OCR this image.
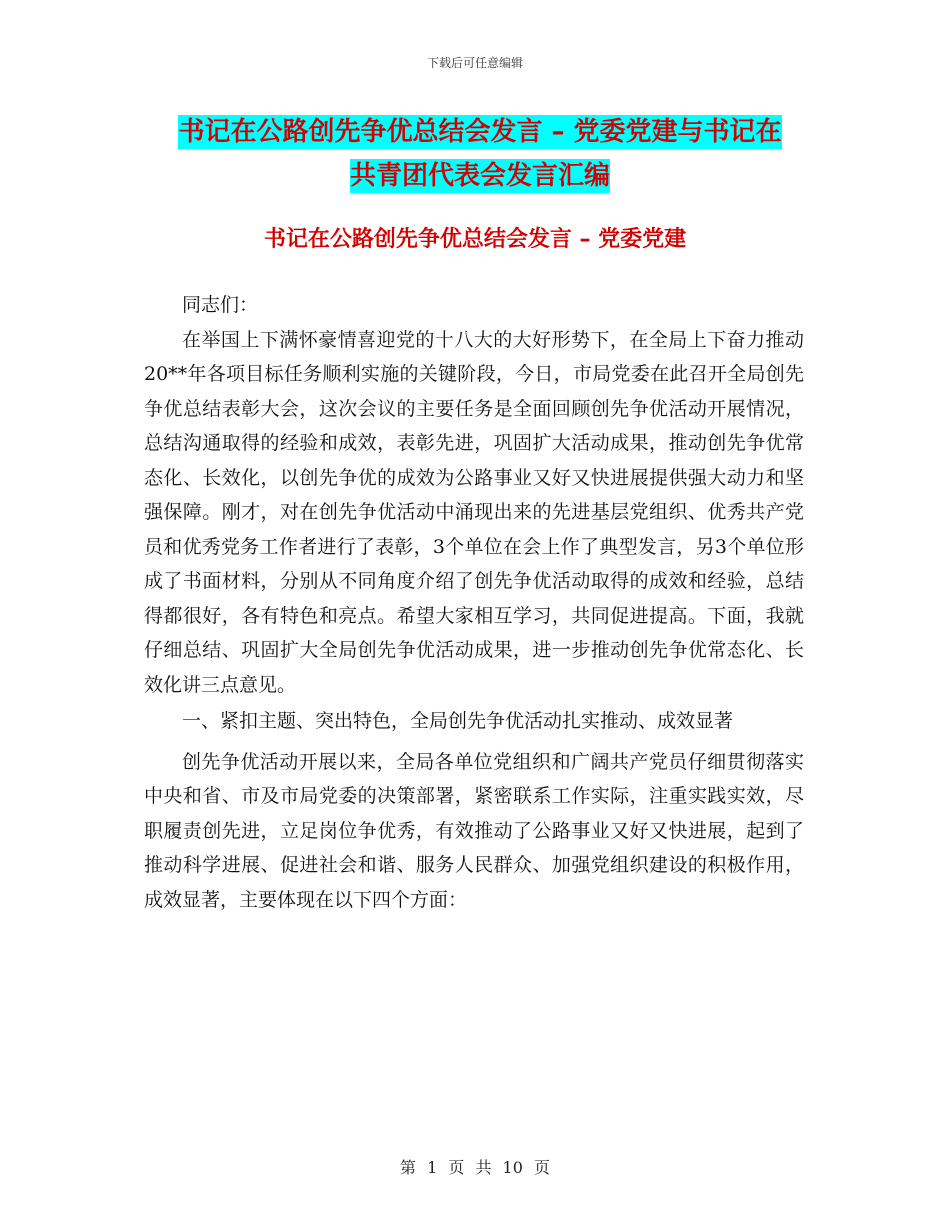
下载后可任意编辑
书记在公路创先争优总结会发言 – 党委党建与书记在
共青团代表会发言汇编
书记在公路创先争优总结会发言 – 党委党建

同志们：

在举国上下满怀豪情喜迎党的十八大的大好形势下，在全局上下奋力推动20**年各项目标任务顺利实施的关键阶段，今日，市局党委在此召开全局创先争优总结表彰大会，这次会议的主要任务是全面回顾创先争优活动开展情况，总结沟通取得的经验和成效，表彰先进，巩固扩大活动成果，推动创先争优常态化、长效化，以创先争优的成效为公路事业又好又快进展提供强大动力和坚强保障。刚才，对在创先争优活动中涌现出来的先进基层党组织、优秀共产党员和优秀党务工作者进行了表彰，3个单位在会上作了典型发言，另3个单位形成了书面材料，分别从不同角度介绍了创先争优活动取得的成效和经验，总结得都很好，各有特色和亮点。希望大家相互学习，共同促进提高。下面，我就仔细总结、巩固扩大全局创先争优活动成果，进一步推动创先争优常态化、长效化讲三点意见。

一、紧扣主题、突出特色，全局创先争优活动扎实推动、成效显著

创先争优活动开展以来，全局各单位党组织和广阔共产党员仔细贯彻落实中央和省、市及市局党委的决策部署，紧密联系工作实际，注重实践实效，尽职履责创先进，立足岗位争优秀，有效推动了公路事业又好又快进展，起到了推动科学进展、促进社会和谐、服务人民群众、加强党组织建设的积极作用，成效显著，主要体现在以下四个方面：

第 1 页 共 10 页
